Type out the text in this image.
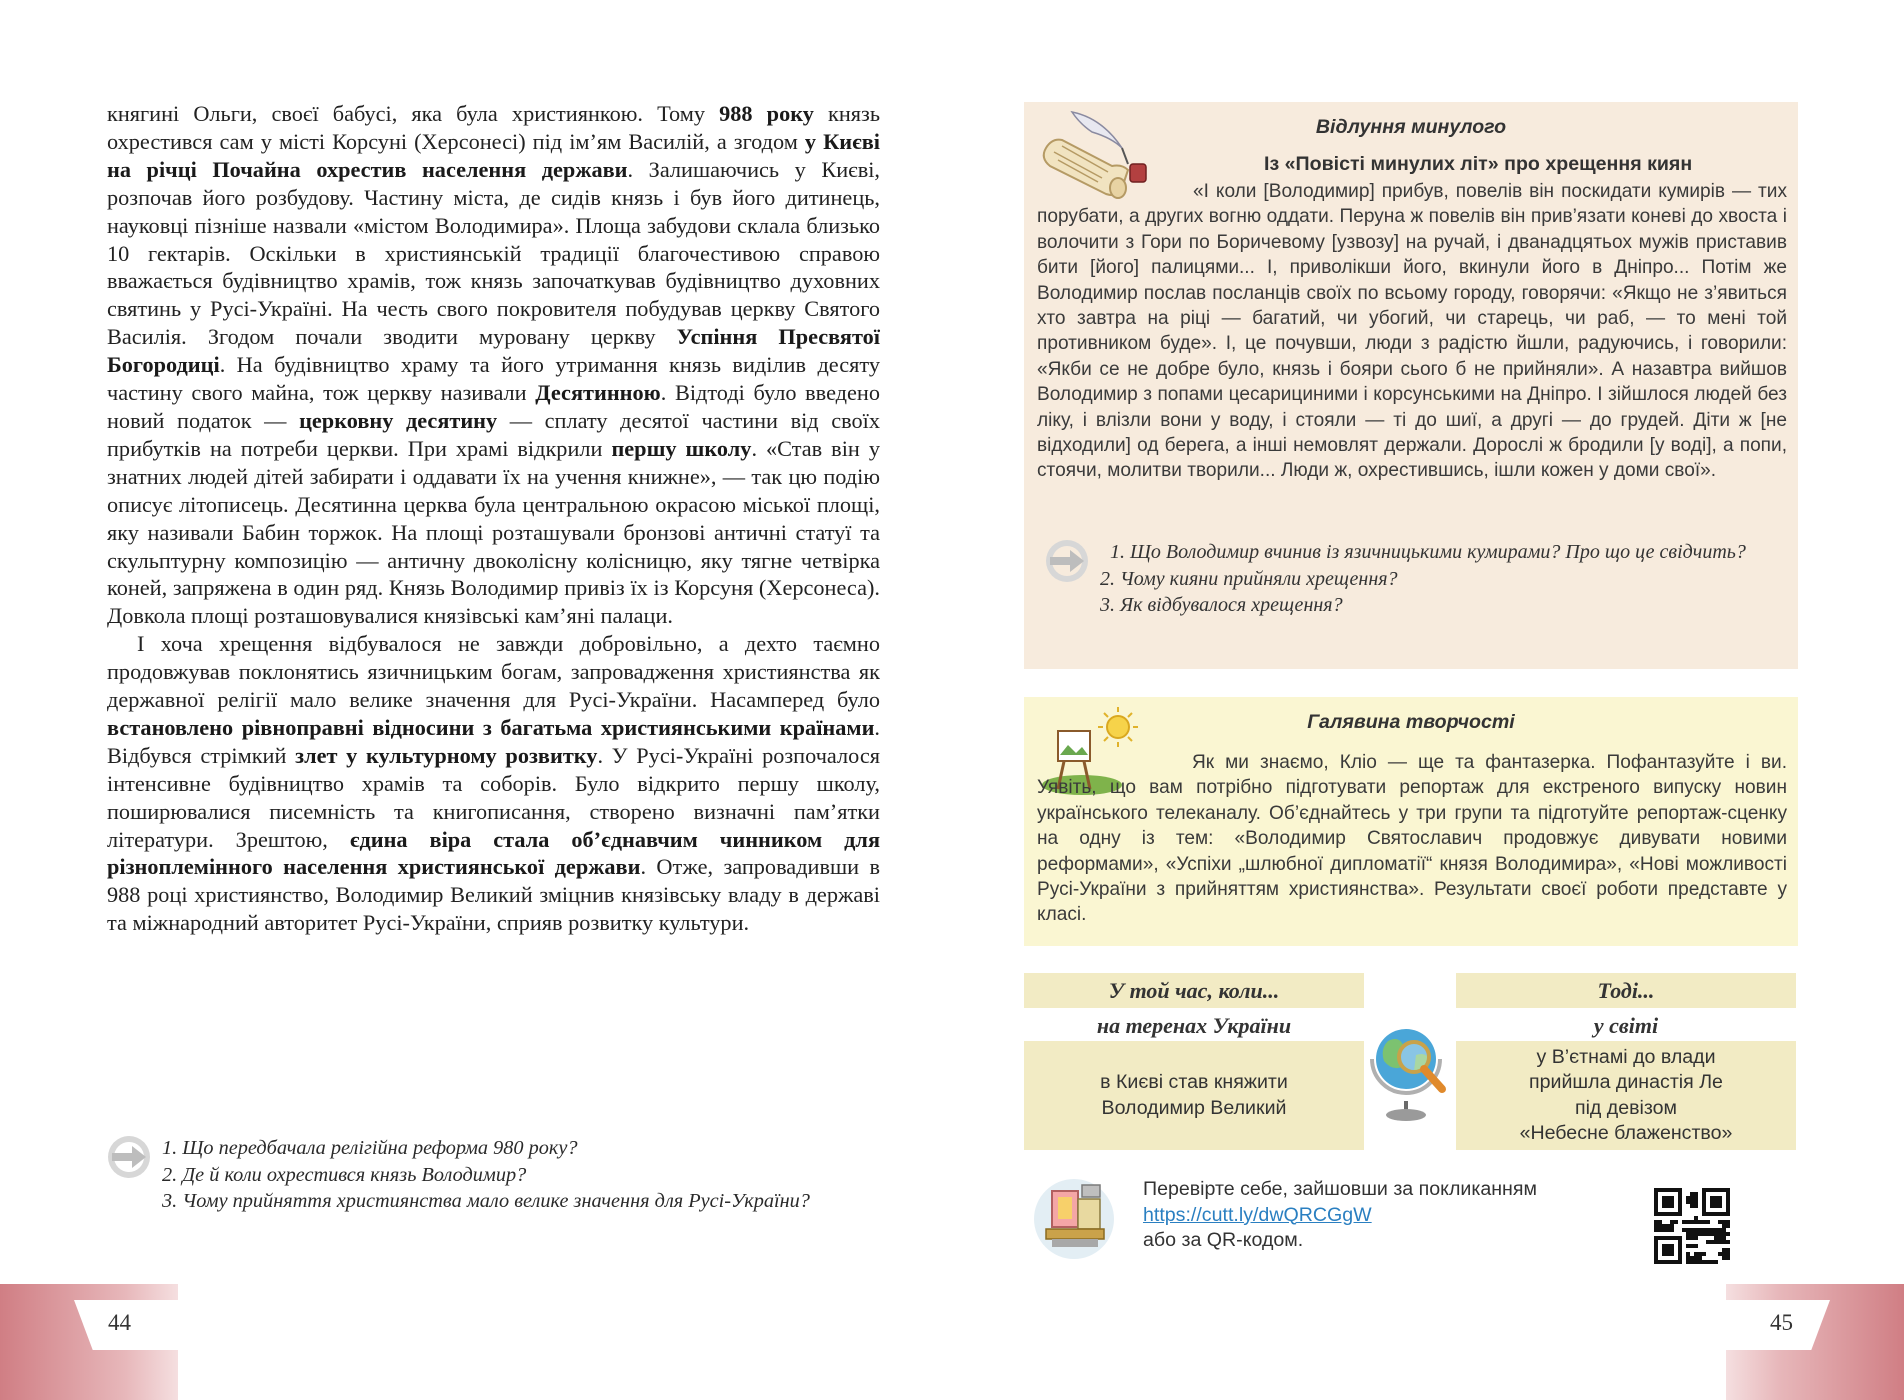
княгині Ольги, своєї бабусі, яка була християнкою. Тому 988 року князь охрестився сам у місті Корсуні (Херсонесі) під ім’ям Василій, а згодом у Києві на річці Почайна охрестив населення держави. Залишаючись у Києві, розпочав його розбудову. Частину міста, де сидів князь і був його дитинець, науковці пізніше назвали «містом Володимира». Площа забудови склала близько 10 гектарів. Оскільки в християнській традиції благочестивою справою вважається будівництво храмів, тож князь започаткував будівництво духовних святинь у Русі-Україні. На честь свого покровителя побудував церкву Святого Василія. Згодом почали зводити муровану церкву Успіння Пресвятої Богородиці. На будівництво храму та його утримання князь виділив десяту частину свого майна, тож церкву називали Десятинною. Відтоді було введено новий податок — церковну десятину — сплату десятої частини від своїх прибутків на потреби церкви. При храмі відкрили першу школу. «Став він у знатних людей дітей забирати і оддавати їх на учення книжне», — так цю подію описує літописець. Десятинна церква була центральною окрасою міської площі, яку називали Бабин торжок. На площі розташували бронзові античні статуї та скульптурну композицію — античну двоколісну колісницю, яку тягне четвірка коней, запряжена в один ряд. Князь Володимир привіз їх із Корсуня (Херсонеса). Довкола площі розташовувалися князівські кам’яні палаци.

І хоча хрещення відбувалося не завжди добровільно, а дехто таємно продовжував поклонятись язичницьким богам, запровадження християнства як державної релігії мало велике значення для Русі-України. Насамперед було встановлено рівноправні відносини з багатьма християнськими країнами. Відбувся стрімкий злет у культурному розвитку. У Русі-Україні розпочалося інтенсивне будівництво храмів та соборів. Було відкрито першу школу, поширювалися писемність та книгописання, створено визначні пам’ятки літератури. Зрештою, єдина віра стала об’єднавчим чинником для різноплемінного населення християнської держави. Отже, запровадивши в 988 році християнство, Володимир Великий зміцнив князівську владу в державі та міжнародний авторитет Русі-України, сприяв розвитку культури.

1. Що передбачала релігійна реформа 980 року?
2. Де й коли охрестився князь Володимир?
3. Чому прийняття християнства мало велике значення для Русі-України?
44
Відлуння минулого
Із «Повісті минулих літ» про хрещення киян
«І коли [Володимир] прибув, повелів він поскидати кумирів — тих порубати, а других вогню оддати. Перуна ж повелів він прив’язати коневі до хвоста і волочити з Гори по Боричевому [узвозу] на ручай, і дванадцятьох мужів приставив бити [його] палицями... І, приволікши його, вкинули його в Дніпро... Потім же Володимир послав посланців своїх по всьому городу, говорячи: «Якщо не з’явиться хто завтра на ріці — багатий, чи убогий, чи старець, чи раб, — то мені той противником буде». І, це почувши, люди з радістю йшли, радуючись, і говорили: «Якби се не добре було, князь і бояри сього б не прийняли». А назавтра вийшов Володимир з попами цесарициними і корсунськими на Дніпро. І зійшлося людей без ліку, і влізли вони у воду, і стояли — ті до шиї, а другі — до грудей. Діти ж [не відходили] од берега, а інші немовлят держали. Дорослі ж бродили [у воді], а попи, стоячи, молитви творили... Люди ж, охрестившись, ішли кожен у доми свої».
1. Що Володимир вчинив із язичницькими кумирами? Про що це свідчить?
2. Чому кияни прийняли хрещення?
3. Як відбувалося хрещення?
Галявина творчості
Як ми знаємо, Кліо — ще та фантазерка. Пофантазуйте і ви. Уявіть, що вам потрібно підготувати репортаж для екстреного випуску новин українського телеканалу. Об’єднайтесь у три групи та підготуйте репортаж-сценку на одну із тем: «Володимир Святославич продовжує дивувати новими реформами», «Успіхи „шлюбної дипломатії“ князя Володимира», «Нові можливості Русі-України з прийняттям християнства». Результати своєї роботи представте у класі.
У той час, коли...
на теренах України
в Києві став княжити
Володимир Великий
Тоді...
у світі
у В’єтнамі до влади
прийшла династія Ле
під девізом
«Небесне блаженство»
Перевірте себе, зайшовши за покликанням
https://cutt.ly/dwQRCGgW
або за QR-кодом.
45
